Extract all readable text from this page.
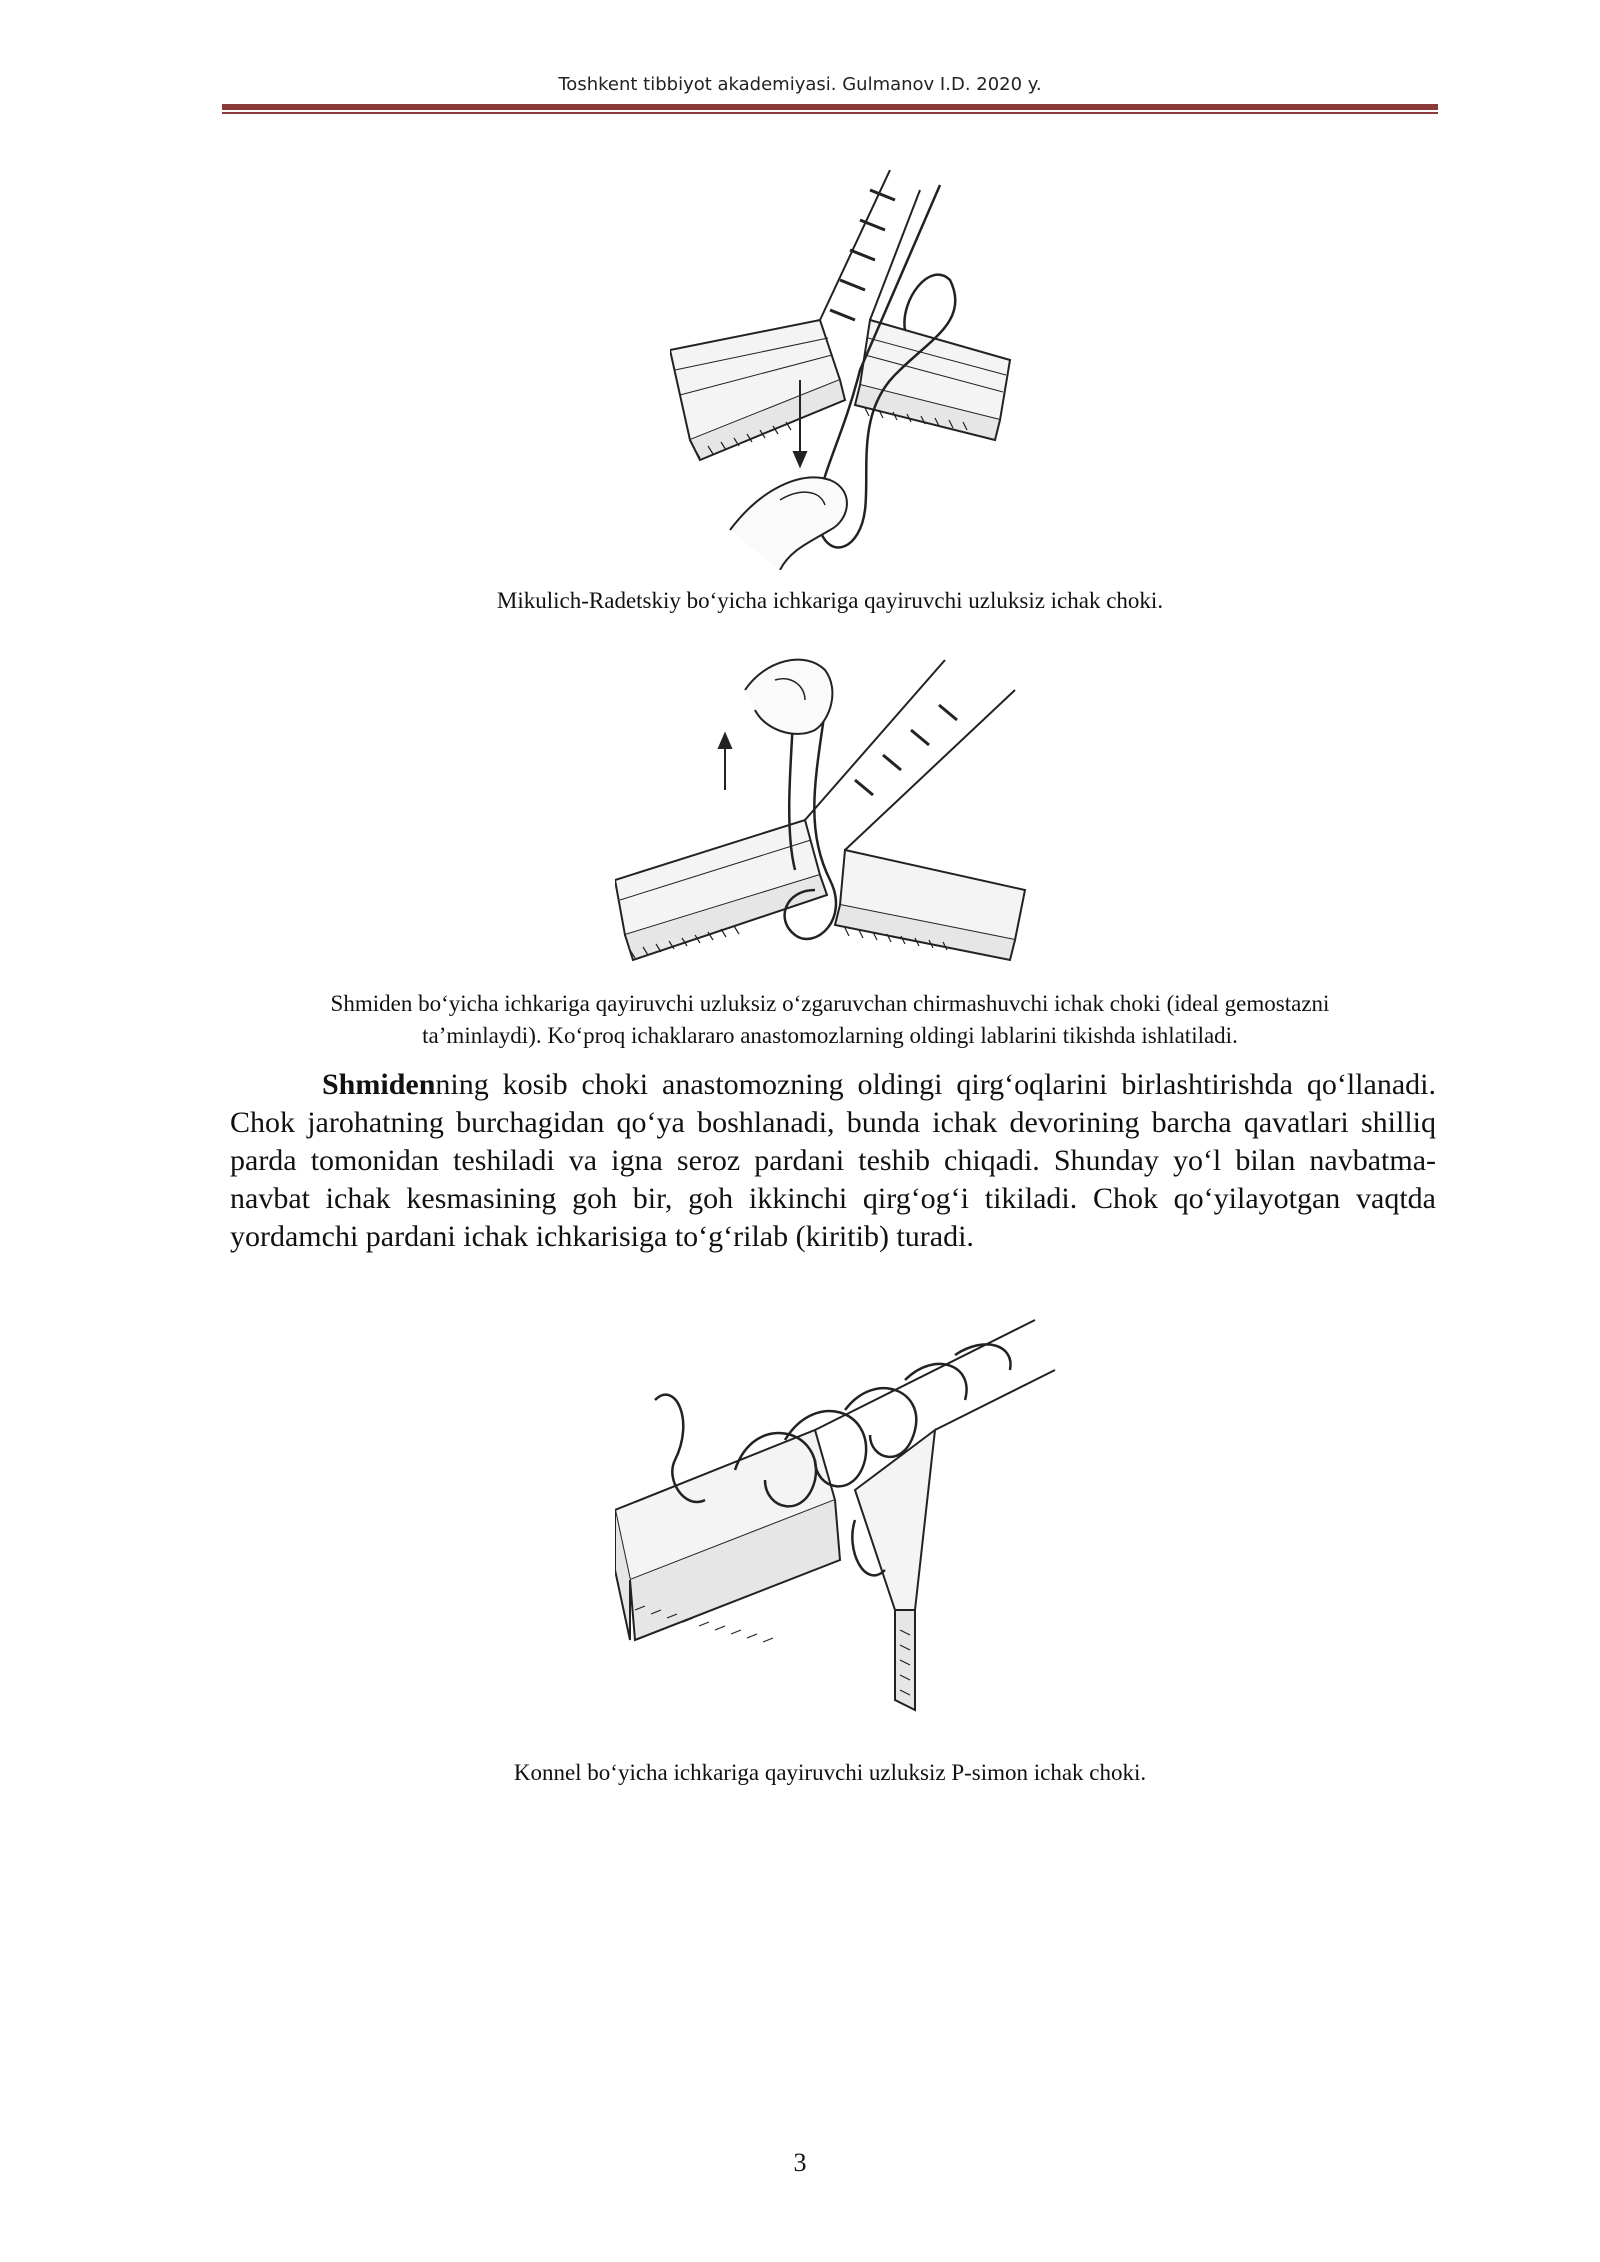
Toshkent tibbiyot akademiyasi. Gulmanov I.D. 2020 y.
Mikulich-Radetskiy bo‘yicha ichkariga qayiruvchi uzluksiz ichak choki.
Shmiden bo‘yicha ichkariga qayiruvchi uzluksiz o‘zgaruvchan chirmashuvchi ichak choki (ideal gemostazni
ta’minlaydi). Ko‘proq ichaklararo anastomozlarning oldingi lablarini tikishda ishlatiladi.
Shmidenning kosib choki anastomozning oldingi qirg‘oqlarini birlashtirishda qo‘llanadi. Chok jarohatning burchagidan qo‘ya boshlanadi, bunda ichak devorining barcha qavatlari shilliq parda tomonidan teshiladi va igna seroz pardani teshib chiqadi. Shunday yo‘l bilan navbatma-navbat ichak kesmasining goh bir, goh ikkinchi qirg‘og‘i tikiladi. Chok qo‘yilayotgan vaqtda yordamchi pardani ichak ichkarisiga to‘g‘rilab (kiritib) turadi.
Konnel bo‘yicha ichkariga qayiruvchi uzluksiz P-simon ichak choki.
3
